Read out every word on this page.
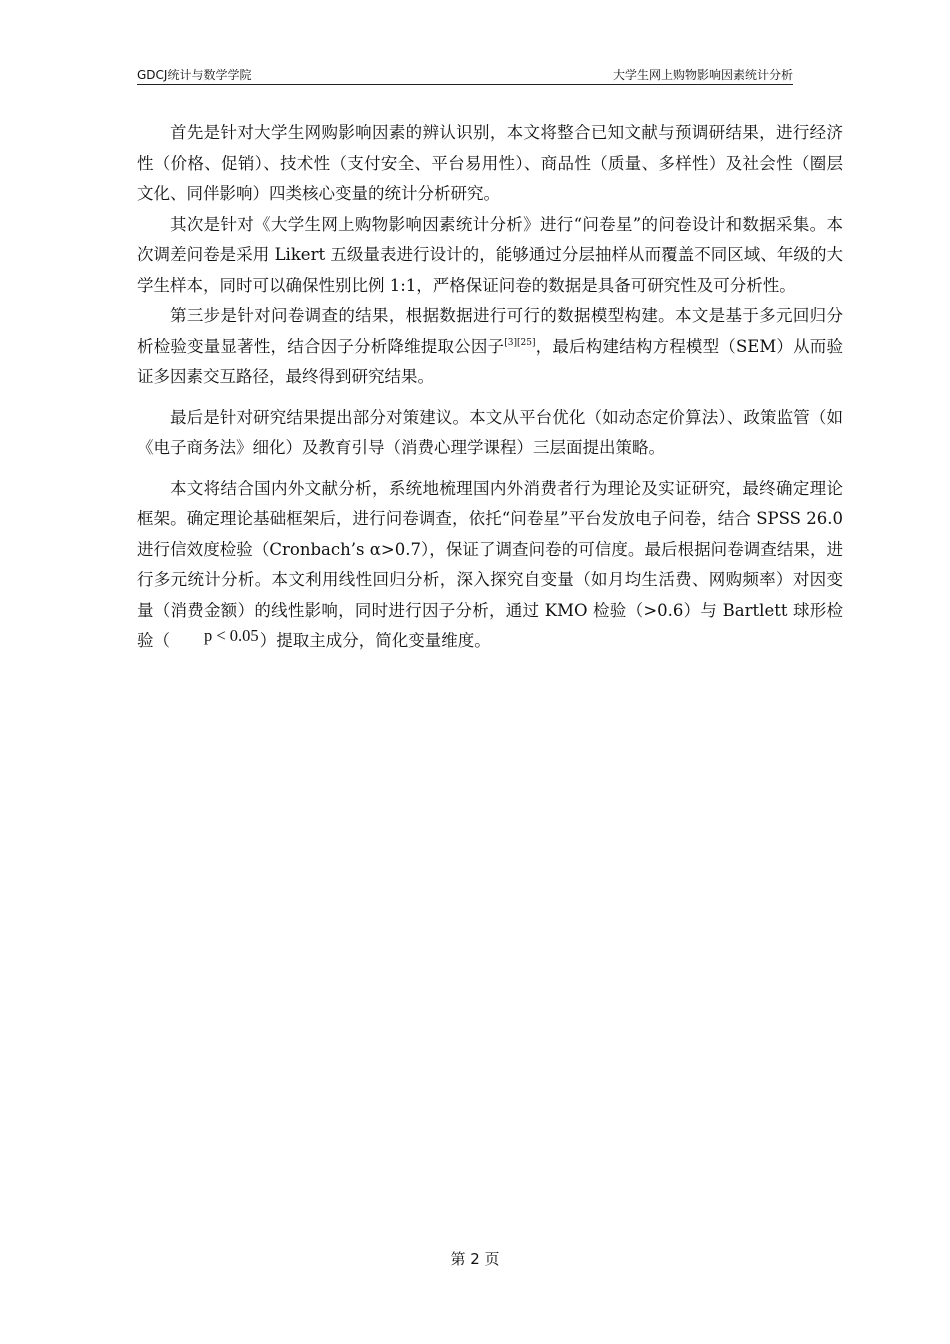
GDCJ统计与数学学院	大学生网上购物影响因素统计分析

首先是针对大学生网购影响因素的辨认识别，本文将整合已知文献与预调研结果，进行经济性（价格、促销）、技术性（支付安全、平台易用性）、商品性（质量、多样性）及社会性（圈层文化、同伴影响）四类核心变量的统计分析研究。

其次是针对《大学生网上购物影响因素统计分析》进行“问卷星”的问卷设计和数据采集。本次调差问卷是采用 Likert 五级量表进行设计的，能够通过分层抽样从而覆盖不同区域、年级的大学生样本，同时可以确保性别比例 1:1，严格保证问卷的数据是具备可研究性及可分析性。

第三步是针对问卷调查的结果，根据数据进行可行的数据模型构建。本文是基于多元回归分析检验变量显著性，结合因子分析降维提取公因子[3][25]，最后构建结构方程模型（SEM）从而验证多因素交互路径，最终得到研究结果。

最后是针对研究结果提出部分对策建议。本文从平台优化（如动态定价算法）、政策监管（如《电子商务法》细化）及教育引导（消费心理学课程）三层面提出策略。

本文将结合国内外文献分析，系统地梳理国内外消费者行为理论及实证研究，最终确定理论框架。确定理论基础框架后，进行问卷调查，依托“问卷星”平台发放电子问卷，结合 SPSS 26.0 进行信效度检验（Cronbach’s α>0.7），保证了调查问卷的可信度。最后根据问卷调查结果，进行多元统计分析。本文利用线性回归分析，深入探究自变量（如月均生活费、网购频率）对因变量（消费金额）的线性影响，同时进行因子分析，通过 KMO 检验（>0.6）与 Bartlett 球形检验（ p < 0.05）提取主成分，简化变量维度。

第 2 页
